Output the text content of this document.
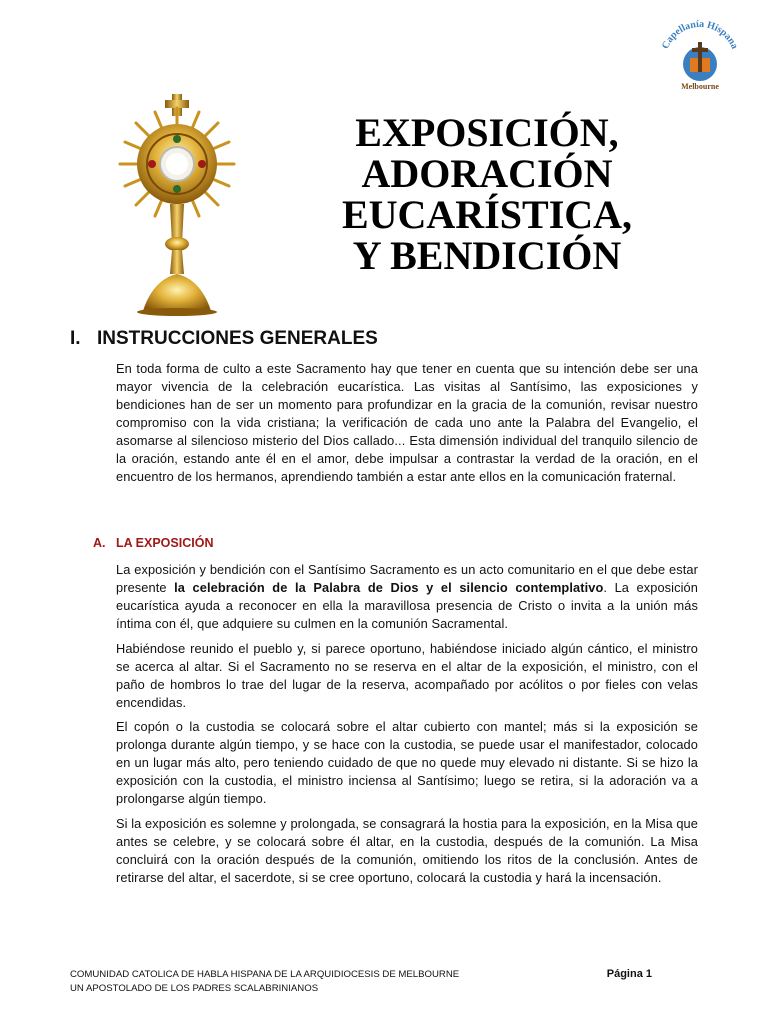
Capellanía Hispana
Melbourne
EXPOSICIÓN,
ADORACIÓN
EUCARÍSTICA,
Y BENDICIÓN
I. INSTRUCCIONES GENERALES
En toda forma de culto a este Sacramento hay que tener en cuenta que su intención debe ser una mayor vivencia de la celebración eucarística. Las visitas al Santísimo, las exposiciones y bendiciones han de ser un momento para profundizar en la gracia de la comunión, revisar nuestro compromiso con la vida cristiana; la verificación de cada uno ante la Palabra del Evangelio, el asomarse al silencioso misterio del Dios callado... Esta dimensión individual del tranquilo silencio de la oración, estando ante él en el amor, debe impulsar a contrastar la verdad de la oración, en el encuentro de los hermanos, aprendiendo también a estar ante ellos en la comunicación fraternal.
A. LA EXPOSICIÓN
La exposición y bendición con el Santísimo Sacramento es un acto comunitario en el que debe estar presente la celebración de la Palabra de Dios y el silencio contemplativo. La exposición eucarística ayuda a reconocer en ella la maravillosa presencia de Cristo o invita a la unión más íntima con él, que adquiere su culmen en la comunión Sacramental.
Habiéndose reunido el pueblo y, si parece oportuno, habiéndose iniciado algún cántico, el ministro se acerca al altar. Si el Sacramento no se reserva en el altar de la exposición, el ministro, con el paño de hombros lo trae del lugar de la reserva, acompañado por acólitos o por fieles con velas encendidas.
El copón o la custodia se colocará sobre el altar cubierto con mantel; más si la exposición se prolonga durante algún tiempo, y se hace con la custodia, se puede usar el manifestador, colocado en un lugar más alto, pero teniendo cuidado de que no quede muy elevado ni distante. Si se hizo la exposición con la custodia, el ministro inciensa al Santísimo; luego se retira, si la adoración va a prolongarse algún tiempo.
Si la exposición es solemne y prolongada, se consagrará la hostia para la exposición, en la Misa que antes se celebre, y se colocará sobre él altar, en la custodia, después de la comunión. La Misa concluirá con la oración después de la comunión, omitiendo los ritos de la conclusión. Antes de retirarse del altar, el sacerdote, si se cree oportuno, colocará la custodia y hará la incensación.
COMUNIDAD CATOLICA DE HABLA HISPANA DE LA ARQUIDIOCESIS DE MELBOURNE
UN APOSTOLADO DE LOS PADRES SCALABRINIANOS
Página 1
